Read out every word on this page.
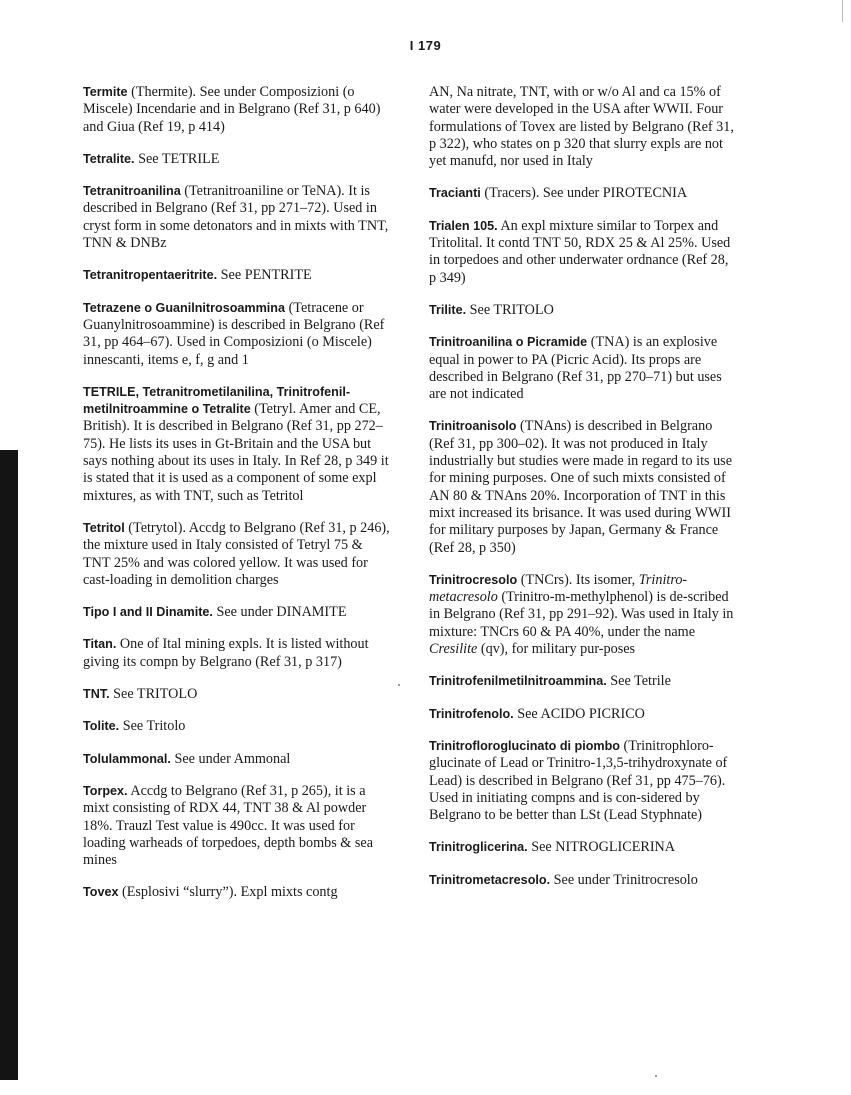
I 179

Termite (Thermite). See under Composizioni (o Miscele) Incendarie and in Belgrano (Ref 31, p 640) and Giua (Ref 19, p 414)

Tetralite. See TETRILE

Tetranitroanilina (Tetranitroaniline or TeNA). It is described in Belgrano (Ref 31, pp 271–72). Used in cryst form in some detonators and in mixts with TNT, TNN & DNBz

Tetranitropentaeritrite. See PENTRITE

Tetrazene o Guanilnitrosoammina (Tetracene or Guanylnitrosoammine) is described in Belgrano (Ref 31, pp 464–67). Used in Composizioni (o Miscele) innescanti, items e, f, g and 1

TETRILE, Tetranitrometilanilina, Trinitrofenil-metilnitroammine o Tetralite (Tetryl. Amer and CE, British). It is described in Belgrano (Ref 31, pp 272–75). He lists its uses in Gt-Britain and the USA but says nothing about its uses in Italy. In Ref 28, p 349 it is stated that it is used as a component of some expl mixtures, as with TNT, such as Tetritol

Tetritol (Tetrytol). Accdg to Belgrano (Ref 31, p 246), the mixture used in Italy consisted of Tetryl 75 & TNT 25% and was colored yellow. It was used for cast-loading in demolition charges

Tipo I and II Dinamite. See under DINAMITE

Titan. One of Ital mining expls. It is listed without giving its compn by Belgrano (Ref 31, p 317)

TNT. See TRITOLO

Tolite. See Tritolo

Tolulammonal. See under Ammonal

Torpex. Accdg to Belgrano (Ref 31, p 265), it is a mixt consisting of RDX 44, TNT 38 & Al powder 18%. Trauzl Test value is 490cc. It was used for loading warheads of torpedoes, depth bombs & sea mines

Tovex (Esplosivi “slurry”). Expl mixts contg

AN, Na nitrate, TNT, with or w/o Al and ca 15% of water were developed in the USA after WWII. Four formulations of Tovex are listed by Belgrano (Ref 31, p 322), who states on p 320 that slurry expls are not yet manufd, nor used in Italy

Tracianti (Tracers). See under PIROTECNIA

Trialen 105. An expl mixture similar to Torpex and Tritolital. It contd TNT 50, RDX 25 & Al 25%. Used in torpedoes and other underwater ordnance (Ref 28, p 349)

Trilite. See TRITOLO

Trinitroanilina o Picramide (TNA) is an explosive equal in power to PA (Picric Acid). Its props are described in Belgrano (Ref 31, pp 270–71) but uses are not indicated

Trinitroanisolo (TNAns) is described in Belgrano (Ref 31, pp 300–02). It was not produced in Italy industrially but studies were made in regard to its use for mining purposes. One of such mixts consisted of AN 80 & TNAns 20%. Incorporation of TNT in this mixt increased its brisance. It was used during WWII for military purposes by Japan, Germany & France (Ref 28, p 350)

Trinitrocresolo (TNCrs). Its isomer, Trinitro-metacresolo (Trinitro-m-methylphenol) is de-scribed in Belgrano (Ref 31, pp 291–92). Was used in Italy in mixture: TNCrs 60 & PA 40%, under the name Cresilite (qv), for military pur-poses

Trinitrofenilmetilnitroammina. See Tetrile

Trinitrofenolo. See ACIDO PICRICO

Trinitrofloroglucinato di piombo (Trinitrophloro-glucinate of Lead or Trinitro-1,3,5-trihydroxynate of Lead) is described in Belgrano (Ref 31, pp 475–76). Used in initiating compns and is con-sidered by Belgrano to be better than LSt (Lead Styphnate)

Trinitroglicerina. See NITROGLICERINA

Trinitrometacresolo. See under Trinitrocresolo
